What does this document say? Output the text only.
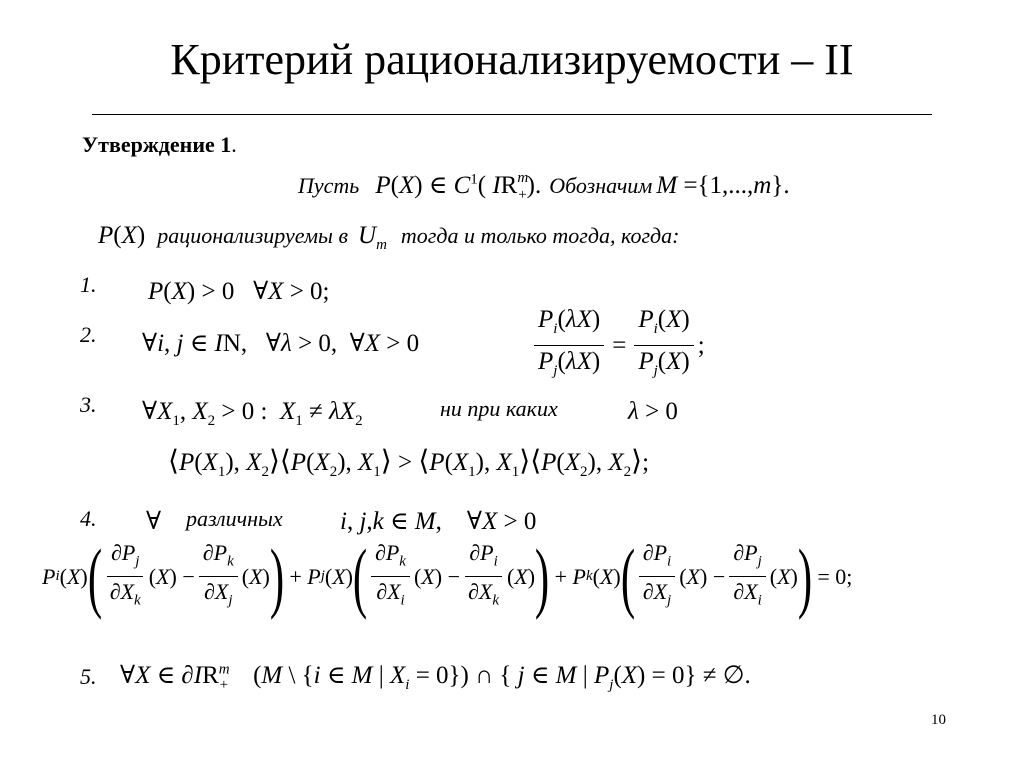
Критерий рационализируемости – II
Утверждение 1.
Пусть P(X) ∈ $C^1$( $IR^m_+$). Обозначим M ={1,...,m}.
P(X) рационализируемы в $U_m$ тогда и только тогда, когда:
1. P(X) > 0   ∀X > 0;
2. ∀i, j ∈ IN,   ∀λ > 0,  ∀X > 0	$\frac{P_i(\lambda X)}{P_j(\lambda X)} = \frac{P_i(X)}{P_j(X)}$ ;
3. $\forall X_1$, $X_2 > 0$ :  $X_1 \ne \lambda X_2$	ни при каких	λ > 0
$⟨P(X_1)$, $X_2⟩⟨P(X_2)$, $X_1⟩$ > $⟨P(X_1)$, $X_1⟩⟨P(X_2)$, $X_2⟩$;
4. ∀ различных i, j,k ∈ M,    ∀X > 0
P i ( X ) ( $\frac{\partial P_j}{\partial X_k}$ ( X ) − $\frac{\partial P_k}{\partial X_j}$ ( X ) ) + P j ( X ) ( $\frac{\partial P_k}{\partial X_i}$ ( X ) − $\frac{\partial P_i}{\partial X_k}$ ( X ) ) + P k ( X ) ( $\frac{\partial P_i}{\partial X_j}$ ( X ) − $\frac{\partial P_j}{\partial X_i}$ ( X ) ) = 0;
5. ∀X ∈ $\partial IR^m_+$    (M \ {i ∈ M | $X_i = 0$}) ∩ { j ∈ M | $P_j(X) = 0$} ≠ ∅.
10
